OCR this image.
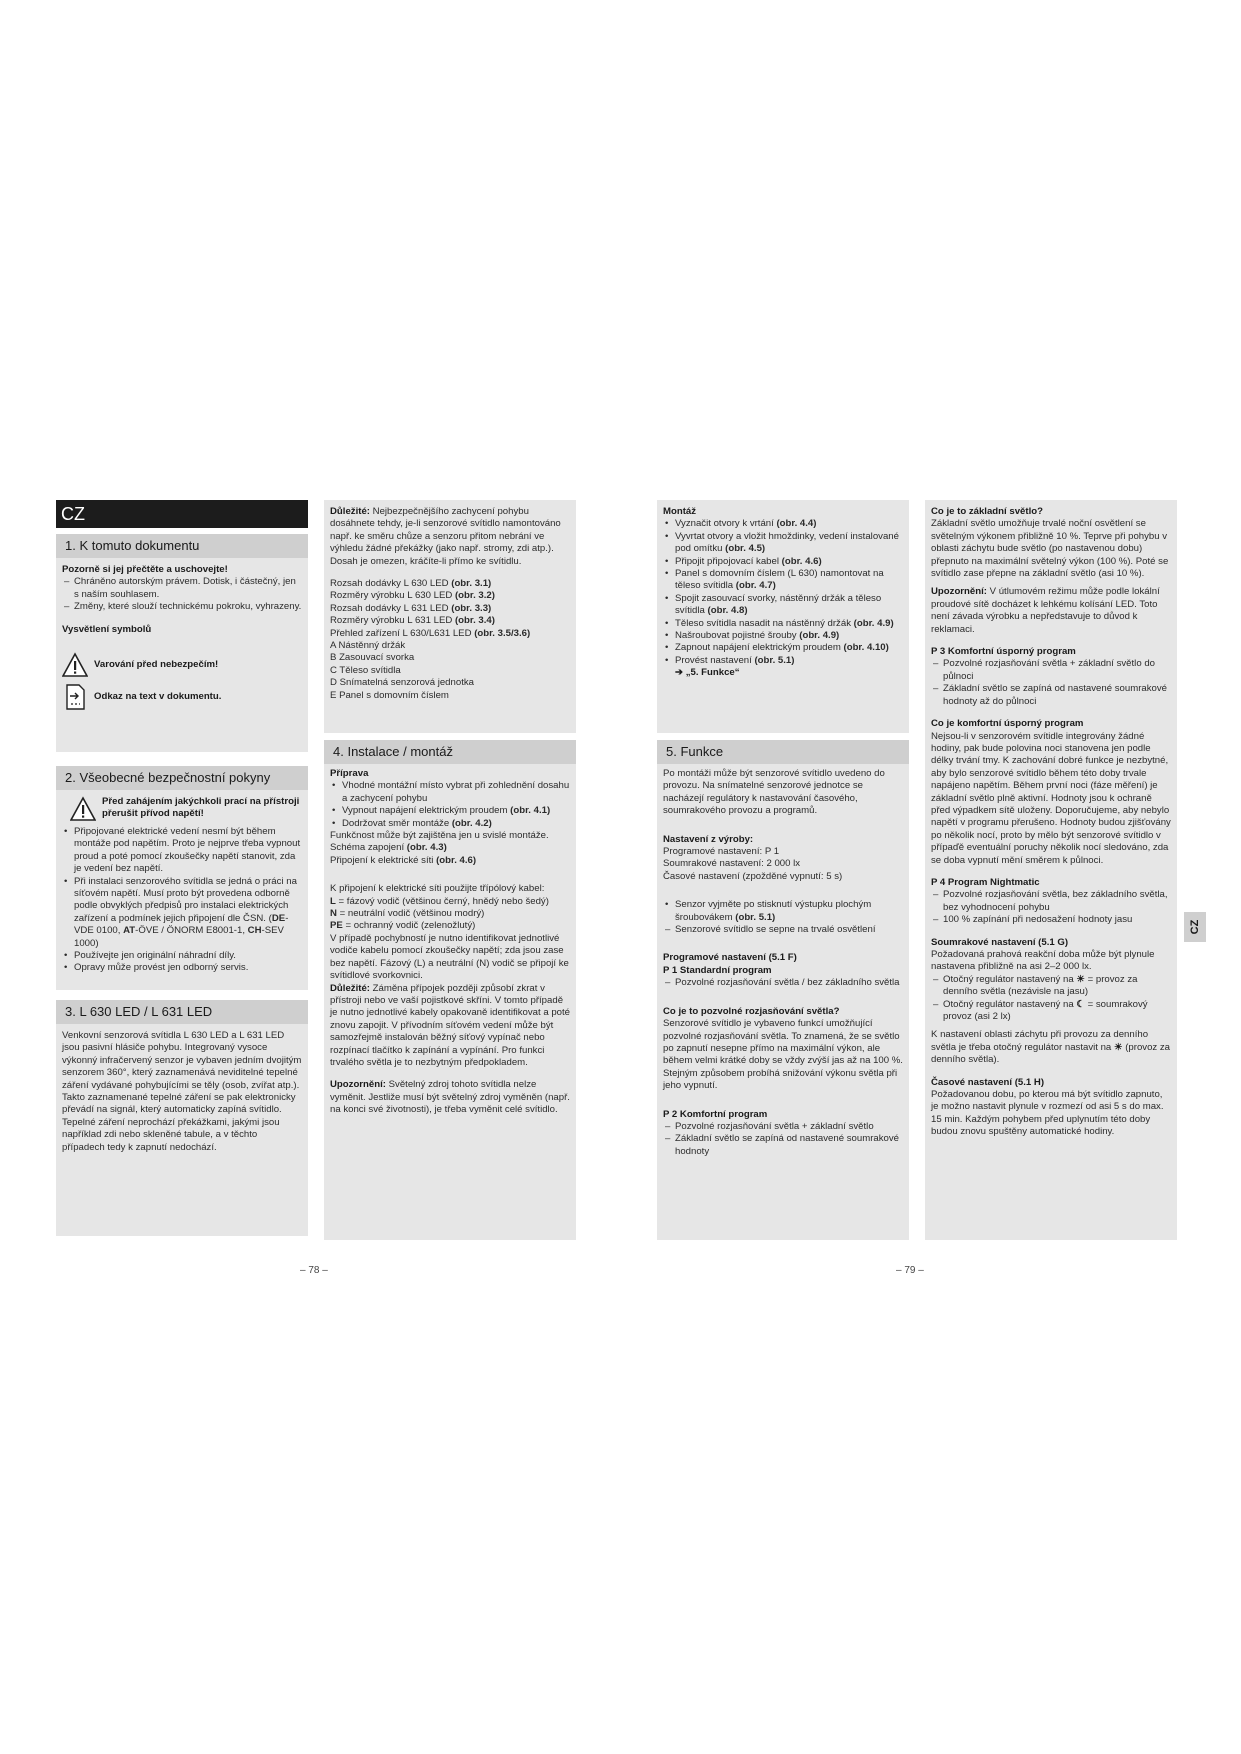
CZ
1. K tomuto dokumentu
Pozorně si jej přečtěte a uschovejte!
– Chráněno autorským právem. Dotisk, i částečný, jen s naším souhlasem.
– Změny, které slouží technickému pokroku, vyhrazeny.
Vysvětlení symbolů
Varování před nebezpečím!
Odkaz na text v dokumentu.
2. Všeobecné bezpečnostní pokyny
Před zahájením jakýchkoli prací na přístroji přerušit přívod napětí!
• Připojované elektrické vedení nesmí být během montáže pod napětím. Proto je nejprve třeba vypnout proud a poté pomocí zkoušečky napětí stanovit, zda je vedení bez napětí.
• Při instalaci senzorového svítidla se jedná o práci na síťovém napětí. Musí proto být provedena odborně podle obvyklých předpisů pro instalaci elektrických zařízení a podmínek jejich připojení dle ČSN. (DE-VDE 0100, AT-ÖVE / ÖNORM E8001-1, CH-SEV 1000)
• Používejte jen originální náhradní díly.
• Opravy může provést jen odborný servis.
3. L 630 LED / L 631 LED

Venkovní senzorová svítidla L 630 LED a L 631 LED jsou pasivní hlásiče pohybu. Integrovaný vysoce výkonný infračervený senzor je vybaven jedním dvojitým senzorem 360°, který zaznamenává neviditelné tepelné záření vydávané pohybujícími se těly (osob, zvířat atp.). Takto zaznamenané tepelné záření se pak elektronicky převádí na signál, který automaticky zapíná svítidlo. Tepelné záření neprochází překážkami, jakými jsou například zdi nebo skleněné tabule, a v těchto případech tedy k zapnutí nedochází.

Důležité: Nejbezpečnějšího zachycení pohybu dosáhnete tehdy, je-li senzorové svítidlo namontováno např. ke směru chůze a senzoru přitom nebrání ve výhledu žádné překážky (jako např. stromy, zdi atp.). Dosah je omezen, kráčíte-li přímo ke svítidlu.

Rozsah dodávky L 630 LED (obr. 3.1)
Rozměry výrobku L 630 LED (obr. 3.2)
Rozsah dodávky L 631 LED (obr. 3.3)
Rozměry výrobku L 631 LED (obr. 3.4)
Přehled zařízení L 630/L631 LED (obr. 3.5/3.6)
A Nástěnný držák
B Zasouvací svorka
C Těleso svítidla
D Snímatelná senzorová jednotka
E Panel s domovním číslem
4. Instalace / montáž
Příprava
• Vhodné montážní místo vybrat při zohlednění dosahu a zachycení pohybu
• Vypnout napájení elektrickým proudem (obr. 4.1)
• Dodržovat směr montáže (obr. 4.2)
Funkčnost může být zajištěna jen u svislé montáže.
Schéma zapojení (obr. 4.3)
Připojení k elektrické síti (obr. 4.6)
K připojení k elektrické síti použijte třípólový kabel:
L = fázový vodič (většinou černý, hnědý nebo šedý)
N = neutrální vodič (většinou modrý)
PE = ochranný vodič (zelenožlutý)

V případě pochybností je nutno identifikovat jednotlivé vodiče kabelu pomocí zkoušečky napětí; zda jsou zase bez napětí. Fázový (L) a neutrální (N) vodič se připojí ke svítidlové svorkovnici.

Důležité: Záměna přípojek později způsobí zkrat v přístroji nebo ve vaší pojistkové skříni. V tomto případě je nutno jednotlivé kabely opakovaně identifikovat a poté znovu zapojit. V přívodním síťovém vedení může být samozřejmě instalován běžný síťový vypínač nebo rozpínací tlačítko k zapínání a vypínání. Pro funkci trvalého světla je to nezbytným předpokladem.

Upozornění: Světelný zdroj tohoto svítidla nelze vyměnit. Jestliže musí být světelný zdroj vyměněn (např. na konci své životnosti), je třeba vyměnit celé svítidlo.

Montáž
• Vyznačit otvory k vrtání (obr. 4.4)
• Vyvrtat otvory a vložit hmoždinky, vedení instalované pod omítku (obr. 4.5)
• Připojit připojovací kabel (obr. 4.6)
• Panel s domovním číslem (L 630) namontovat na těleso svítidla (obr. 4.7)
• Spojit zasouvací svorky, nástěnný držák a těleso svítidla (obr. 4.8)
• Těleso svítidla nasadit na nástěnný držák (obr. 4.9)
• Našroubovat pojistné šrouby (obr. 4.9)
• Zapnout napájení elektrickým proudem (obr. 4.10)
• Provést nastavení (obr. 5.1)
➔ „5. Funkce“
5. Funkce

Po montáži může být senzorové svítidlo uvedeno do provozu. Na snímatelné senzorové jednotce se nacházejí regulátory k nastavování časového, soumrakového provozu a programů.

Nastavení z výroby:
Programové nastavení: P 1
Soumrakové nastavení: 2 000 lx
Časové nastavení (zpožděné vypnutí: 5 s)
• Senzor vyjměte po stisknutí výstupku plochým šroubovákem (obr. 5.1)
– Senzorové svítidlo se sepne na trvalé osvětlení
Programové nastavení (5.1 F)
P 1 Standardní program
– Pozvolné rozjasňování světla / bez základního světla
Co je to pozvolné rozjasňování světla?

Senzorové svítidlo je vybaveno funkcí umožňující pozvolné rozjasňování světla. To znamená, že se světlo po zapnutí nesepne přímo na maximální výkon, ale během velmi krátké doby se vždy zvýší jas až na 100 %. Stejným způsobem probíhá snižování výkonu světla při jeho vypnutí.

P 2 Komfortní program
– Pozvolné rozjasňování světla + základní světlo
– Základní světlo se zapíná od nastavené soumrakové hodnoty
Co je to základní světlo?

Základní světlo umožňuje trvalé noční osvětlení se světelným výkonem přibližně 10 %. Teprve při pohybu v oblasti záchytu bude světlo (po nastavenou dobu) přepnuto na maximální světelný výkon (100 %). Poté se svítidlo zase přepne na základní světlo (asi 10 %).

Upozornění: V útlumovém režimu může podle lokální proudové sítě docházet k lehkému kolísání LED. Toto není závada výrobku a nepředstavuje to důvod k reklamaci.

P 3 Komfortní úsporný program
– Pozvolné rozjasňování světla + základní světlo do půlnoci
– Základní světlo se zapíná od nastavené soumrakové hodnoty až do půlnoci
Co je komfortní úsporný program

Nejsou-li v senzorovém svítidle integrovány žádné hodiny, pak bude polovina noci stanovena jen podle délky trvání tmy. K zachování dobré funkce je nezbytné, aby bylo senzorové svítidlo během této doby trvale napájeno napětím. Během první noci (fáze měření) je základní světlo plně aktivní. Hodnoty jsou k ochraně před výpadkem sítě uloženy. Doporučujeme, aby nebylo napětí v programu přerušeno. Hodnoty budou zjišťovány po několik nocí, proto by mělo být senzorové svítidlo v přípaďě eventuální poruchy několik nocí sledováno, zda se doba vypnutí mění směrem k půlnoci.

P 4 Program Nightmatic
– Pozvolné rozjasňování světla, bez základního světla, bez vyhodnocení pohybu
– 100 % zapínání při nedosažení hodnoty jasu
Soumrakové nastavení (5.1 G)

Požadovaná prahová reakční doba může být plynule nastavena přibližně na asi 2–2 000 lx.

– Otočný regulátor nastavený na ☀ = provoz za denního světla (nezávisle na jasu)
– Otočný regulátor nastavený na ☾ = soumrakový provoz (asi 2 lx)

K nastavení oblasti záchytu při provozu za denního světla je třeba otočný regulátor nastavit na ☀ (provoz za denního světla).

Časové nastavení (5.1 H)

Požadovanou dobu, po kterou má být svítidlo zapnuto, je možno nastavit plynule v rozmezí od asi 5 s do max. 15 min. Každým pohybem před uplynutím této doby budou znovu spuštěny automatické hodiny.

CZ
– 78 –	– 79 –
